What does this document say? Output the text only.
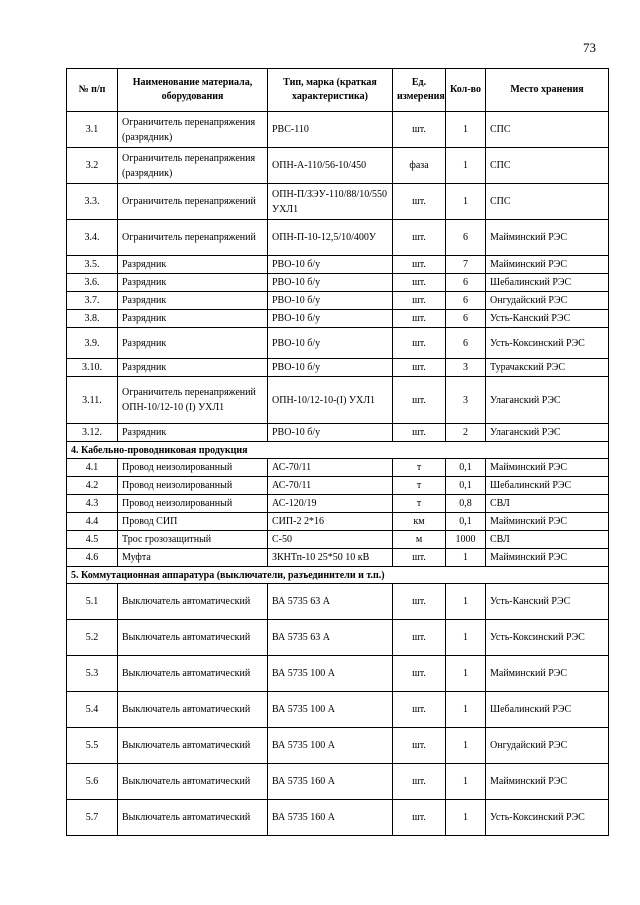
73
№ п/п	Наименование материала, оборудования	Тип, марка (краткая характеристика)	Ед. измерения	Кол-во	Место хранения
3.1	Ограничитель перенапряжения (разрядник)	РВС-110	шт.	1	СПС
3.2	Ограничитель перенапряжения (разрядник)	ОПН-А-110/56-10/450	фаза	1	СПС
3.3.	Ограничитель перенапряжений	ОПН-П/ЗЭУ-110/88/10/550 УХЛ1	шт.	1	СПС
3.4.	Ограничитель перенапряжений	ОПН-П-10-12,5/10/400У	шт.	6	Майминский РЭС
3.5.	Разрядник	РВО-10 б/у	шт.	7	Майминский РЭС
3.6.	Разрядник	РВО-10 б/у	шт.	6	Шебалинский РЭС
3.7.	Разрядник	РВО-10 б/у	шт.	6	Онгудайский РЭС
3.8.	Разрядник	РВО-10 б/у	шт.	6	Усть-Канский РЭС
3.9.	Разрядник	РВО-10 б/у	шт.	6	Усть-Коксинский РЭС
3.10.	Разрядник	РВО-10 б/у	шт.	3	Турачакский РЭС
3.11.	Ограничитель перенапряжений ОПН-10/12-10 (I) УХЛ1	ОПН-10/12-10-(I) УХЛ1	шт.	3	Улаганский РЭС
3.12.	Разрядник	РВО-10 б/у	шт.	2	Улаганский РЭС
4. Кабельно-проводниковая продукция					
4.1	Провод неизолированный	АС-70/11	т	0,1	Майминский РЭС
4.2	Провод неизолированный	АС-70/11	т	0,1	Шебалинский РЭС
4.3	Провод неизолированный	АС-120/19	т	0,8	СВЛ
4.4	Провод СИП	СИП-2 2*16	км	0,1	Майминский РЭС
4.5	Трос грозозащитный	С-50	м	1000	СВЛ
4.6	Муфта	ЗКНТп-10 25*50 10 кВ	шт.	1	Майминский РЭС
5. Коммутационная аппаратура (выключатели, разъединители и т.п.)					
5.1	Выключатель автоматический	ВА 5735 63 А	шт.	1	Усть-Канский РЭС
5.2	Выключатель автоматический	ВА 5735 63 А	шт.	1	Усть-Коксинский РЭС
5.3	Выключатель автоматический	ВА 5735 100 А	шт.	1	Майминский РЭС
5.4	Выключатель автоматический	ВА 5735 100 А	шт.	1	Шебалинский РЭС
5.5	Выключатель автоматический	ВА 5735 100 А	шт.	1	Онгудайский РЭС
5.6	Выключатель автоматический	ВА 5735 160 А	шт.	1	Майминский РЭС
5.7	Выключатель автоматический	ВА 5735 160 А	шт.	1	Усть-Коксинский РЭС
